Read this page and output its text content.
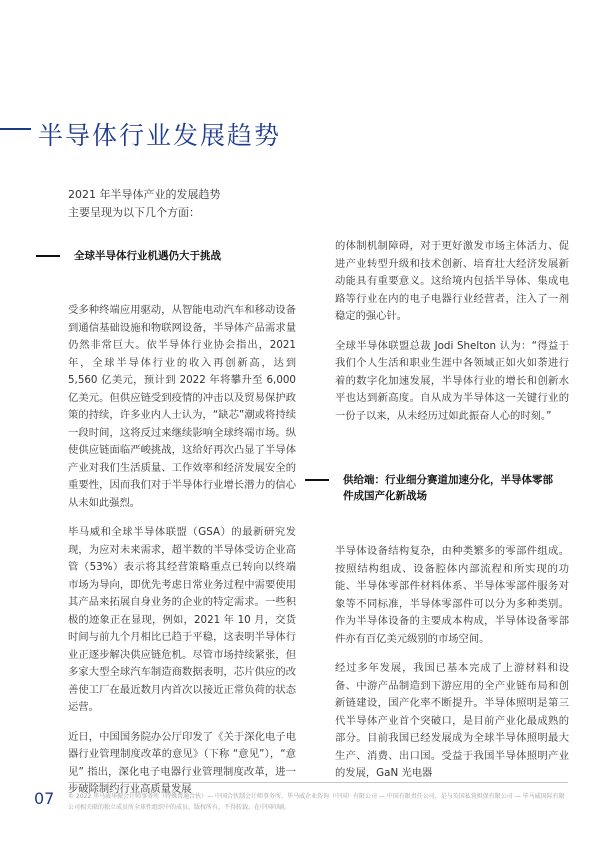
半导体行业发展趋势
2021 年半导体产业的发展趋势
主要呈现为以下几个方面：
全球半导体行业机遇仍大于挑战

受多种终端应用驱动，从智能电动汽车和移动设备到通信基础设施和物联网设备，半导体产品需求量仍然非常巨大。依半导体行业协会指出，2021 年，全球半导体行业的收入再创新高，达到 5,560 亿美元，预计到 2022 年将攀升至 6,000 亿美元。但供应链受到疫情的冲击以及贸易保护政策的持续，许多业内人士认为，“缺芯”潮或将持续一段时间，这将反过来继续影响全球终端市场。纵使供应链面临严峻挑战，这给好再次凸显了半导体产业对我们生活质量、工作效率和经济发展安全的重要性，因而我们对于半导体行业增长潜力的信心从未如此强烈。

毕马威和全球半导体联盟（GSA）的最新研究发现，为应对未来需求，超半数的半导体受访企业高管（53%）表示将其经营策略重点已转向以终端市场为导向，即优先考虑日常业务过程中需要使用其产品来拓展自身业务的企业的特定需求。一些积极的迹象正在显现，例如，2021 年 10 月，交货时间与前九个月相比已趋于平稳，这表明半导体行业正逐步解决供应链危机。尽管市场持续紧张，但多家大型全球汽车制造商数据表明，芯片供应的改善使工厂在最近数月内首次以接近正常负荷的状态运营。

近日，中国国务院办公厅印发了《关于深化电子电器行业管理制度改革的意见》（下称 “意见”），“意见” 指出，深化电子电器行业管理制度改革，进一步破除制约行业高质量发展

的体制机制障碍，对于更好激发市场主体活力、促进产业转型升级和技术创新、培育壮大经济发展新动能具有重要意义。这给境内包括半导体、集成电路等行业在内的电子电器行业经营者，注入了一剂稳定的强心针。

全球半导体联盟总裁 Jodi Shelton 认为：“得益于我们个人生活和职业生涯中各领域正如火如荼进行着的数字化加速发展，半导体行业的增长和创新水平也达到新高度。自从成为半导体这一关键行业的一份子以来，从未经历过如此振奋人心的时刻。”

供给端：行业细分赛道加速分化，半导体零部
件成国产化新战场

半导体设备结构复杂，由种类繁多的零部件组成。按照结构组成、设备腔体内部流程和所实现的功能、半导体零部件材料体系、半导体零部件服务对象等不同标准，半导体零部件可以分为多种类别。作为半导体设备的主要成本构成，半导体设备零部件亦有百亿美元级别的市场空间。

经过多年发展，我国已基本完成了上游材料和设备、中游产品制造到下游应用的全产业链布局和创新链建设，国产化率不断提升。半导体照明是第三代半导体产业首个突破口，是目前产业化最成熟的部分。目前我国已经发展成为全球半导体照明最大生产、消费、出口国。受益于我国半导体照明产业的发展，GaN 光电器

07 © 2022 毕马威华振会计师事务所（特殊普通合伙）— 中国合伙制会计师事务所，毕马威企业咨询（中国）有限公司 — 中国有限责任公司，是与英国私营担保有限公司 — 毕马威国际有限公司相关联的独立成员所全球性组织中的成员。版权所有，不得转载。在中国印刷。
